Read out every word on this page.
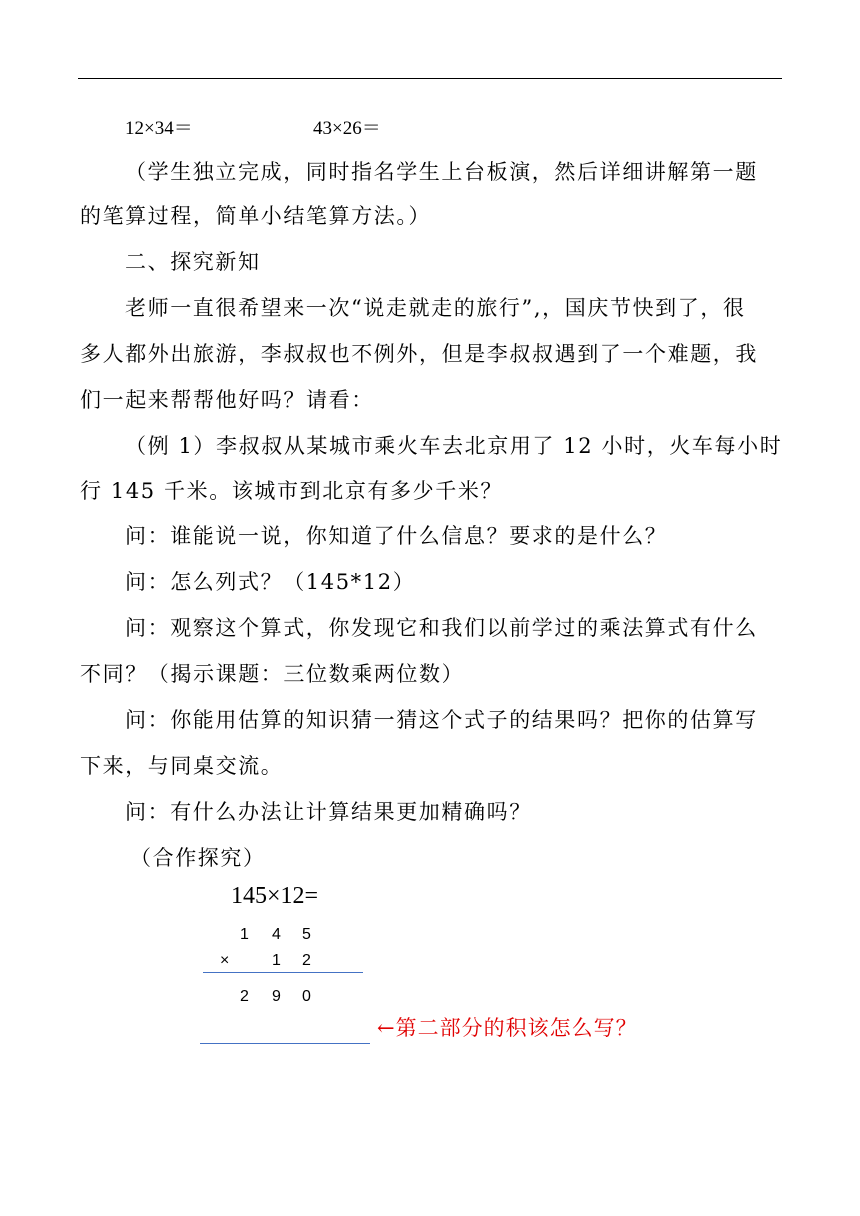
12×34＝	43×26＝
（学生独立完成，同时指名学生上台板演，然后详细讲解第一题
的笔算过程，简单小结笔算方法。）
二、探究新知
老师一直很希望来一次“说走就走的旅行”,，国庆节快到了，很
多人都外出旅游，李叔叔也不例外，但是李叔叔遇到了一个难题，我
们一起来帮帮他好吗？请看：
（例 1）李叔叔从某城市乘火车去北京用了 12 小时，火车每小时
行 145 千米。该城市到北京有多少千米？
问：谁能说一说，你知道了什么信息？要求的是什么？
问：怎么列式？（145*12）
问：观察这个算式，你发现它和我们以前学过的乘法算式有什么
不同？（揭示课题：三位数乘两位数）
问：你能用估算的知识猜一猜这个式子的结果吗？把你的估算写
下来，与同桌交流。
问：有什么办法让计算结果更加精确吗？
（合作探究）
145×12=
1 4 5
×	1 2
2 9 0
←第二部分的积该怎么写？
